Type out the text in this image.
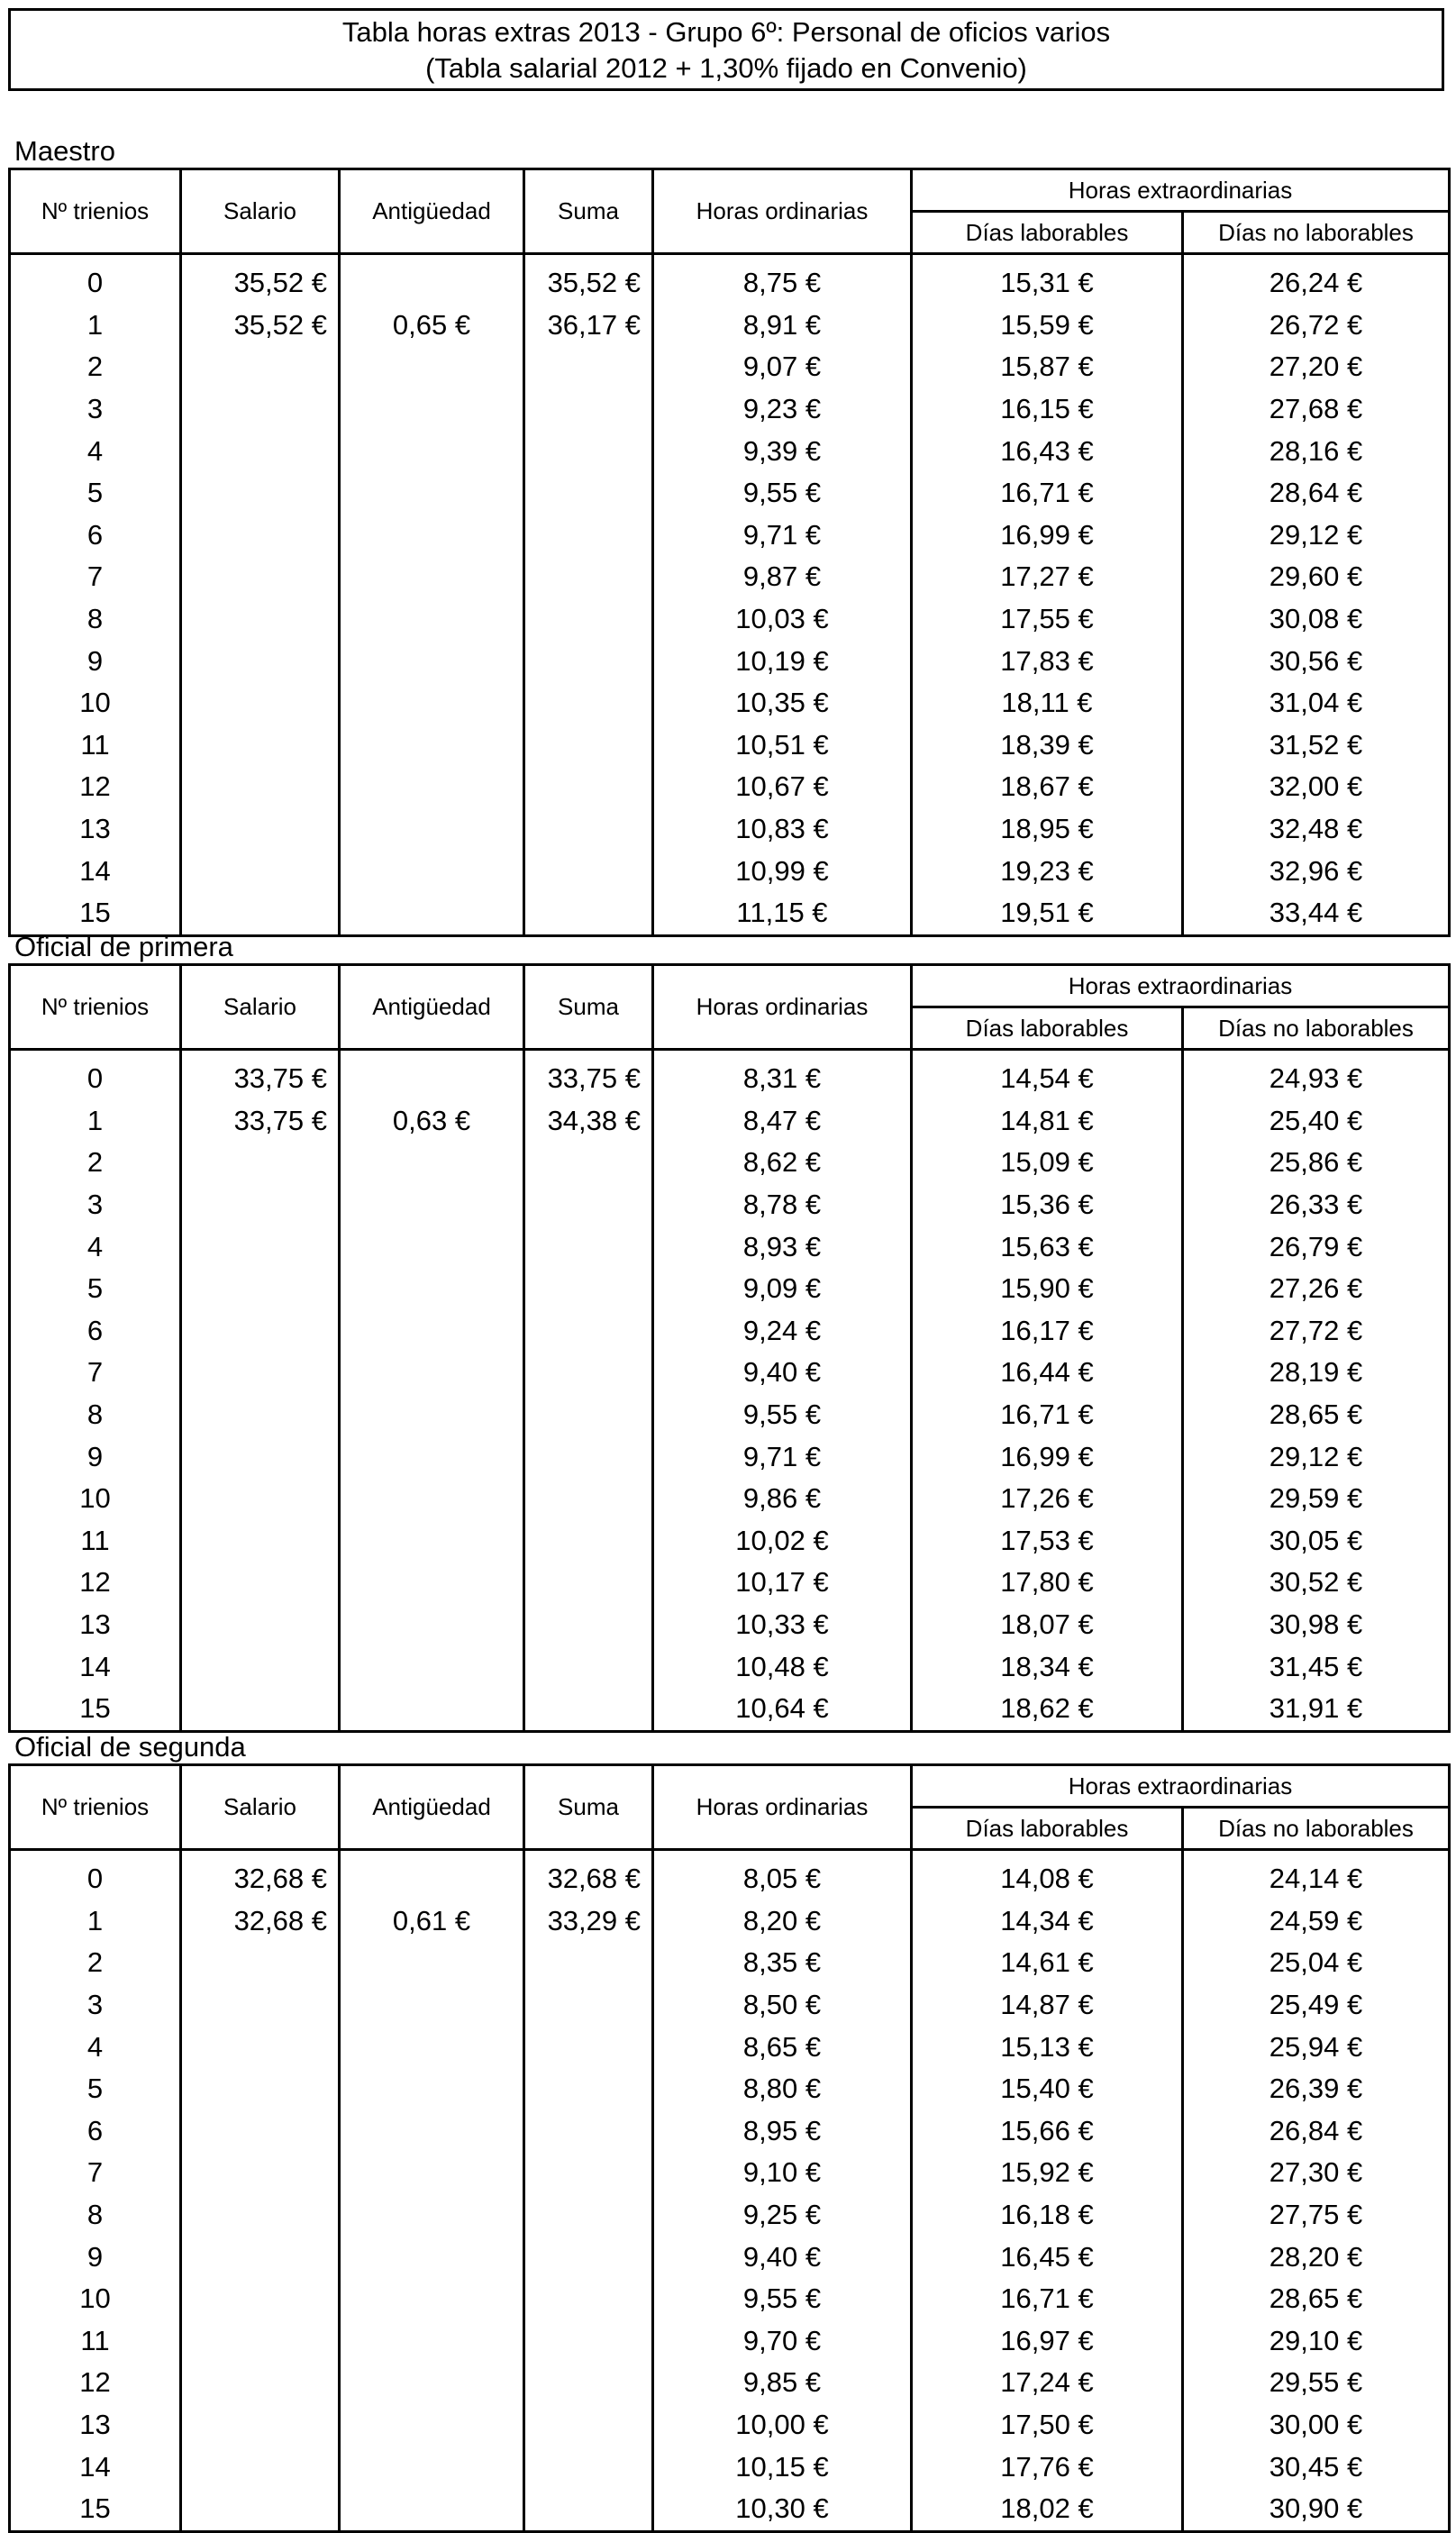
Tabla horas extras 2013 - Grupo 6º: Personal de oficios varios
(Tabla salarial 2012 + 1,30% fijado en Convenio)
Maestro
Nº trienios	Salario	Antigüedad	Suma	Horas ordinarias	Horas extraordinarias	
					Días laborables	Días no laborables

0	35,52 €		35,52 €	8,75 €	15,31 €	26,24 €
1	35,52 €	0,65 €	36,17 €	8,91 €	15,59 €	26,72 €
2				9,07 €	15,87 €	27,20 €
3				9,23 €	16,15 €	27,68 €
4				9,39 €	16,43 €	28,16 €
5				9,55 €	16,71 €	28,64 €
6				9,71 €	16,99 €	29,12 €
7				9,87 €	17,27 €	29,60 €
8				10,03 €	17,55 €	30,08 €
9				10,19 €	17,83 €	30,56 €
10				10,35 €	18,11 €	31,04 €
11				10,51 €	18,39 €	31,52 €
12				10,67 €	18,67 €	32,00 €
13				10,83 €	18,95 €	32,48 €
14				10,99 €	19,23 €	32,96 €
15				11,15 €	19,51 €	33,44 €
Oficial de primera
Nº trienios	Salario	Antigüedad	Suma	Horas ordinarias	Horas extraordinarias	
					Días laborables	Días no laborables

0	33,75 €		33,75 €	8,31 €	14,54 €	24,93 €
1	33,75 €	0,63 €	34,38 €	8,47 €	14,81 €	25,40 €
2				8,62 €	15,09 €	25,86 €
3				8,78 €	15,36 €	26,33 €
4				8,93 €	15,63 €	26,79 €
5				9,09 €	15,90 €	27,26 €
6				9,24 €	16,17 €	27,72 €
7				9,40 €	16,44 €	28,19 €
8				9,55 €	16,71 €	28,65 €
9				9,71 €	16,99 €	29,12 €
10				9,86 €	17,26 €	29,59 €
11				10,02 €	17,53 €	30,05 €
12				10,17 €	17,80 €	30,52 €
13				10,33 €	18,07 €	30,98 €
14				10,48 €	18,34 €	31,45 €
15				10,64 €	18,62 €	31,91 €
Oficial de segunda
Nº trienios	Salario	Antigüedad	Suma	Horas ordinarias	Horas extraordinarias	
					Días laborables	Días no laborables

0	32,68 €		32,68 €	8,05 €	14,08 €	24,14 €
1	32,68 €	0,61 €	33,29 €	8,20 €	14,34 €	24,59 €
2				8,35 €	14,61 €	25,04 €
3				8,50 €	14,87 €	25,49 €
4				8,65 €	15,13 €	25,94 €
5				8,80 €	15,40 €	26,39 €
6				8,95 €	15,66 €	26,84 €
7				9,10 €	15,92 €	27,30 €
8				9,25 €	16,18 €	27,75 €
9				9,40 €	16,45 €	28,20 €
10				9,55 €	16,71 €	28,65 €
11				9,70 €	16,97 €	29,10 €
12				9,85 €	17,24 €	29,55 €
13				10,00 €	17,50 €	30,00 €
14				10,15 €	17,76 €	30,45 €
15				10,30 €	18,02 €	30,90 €
